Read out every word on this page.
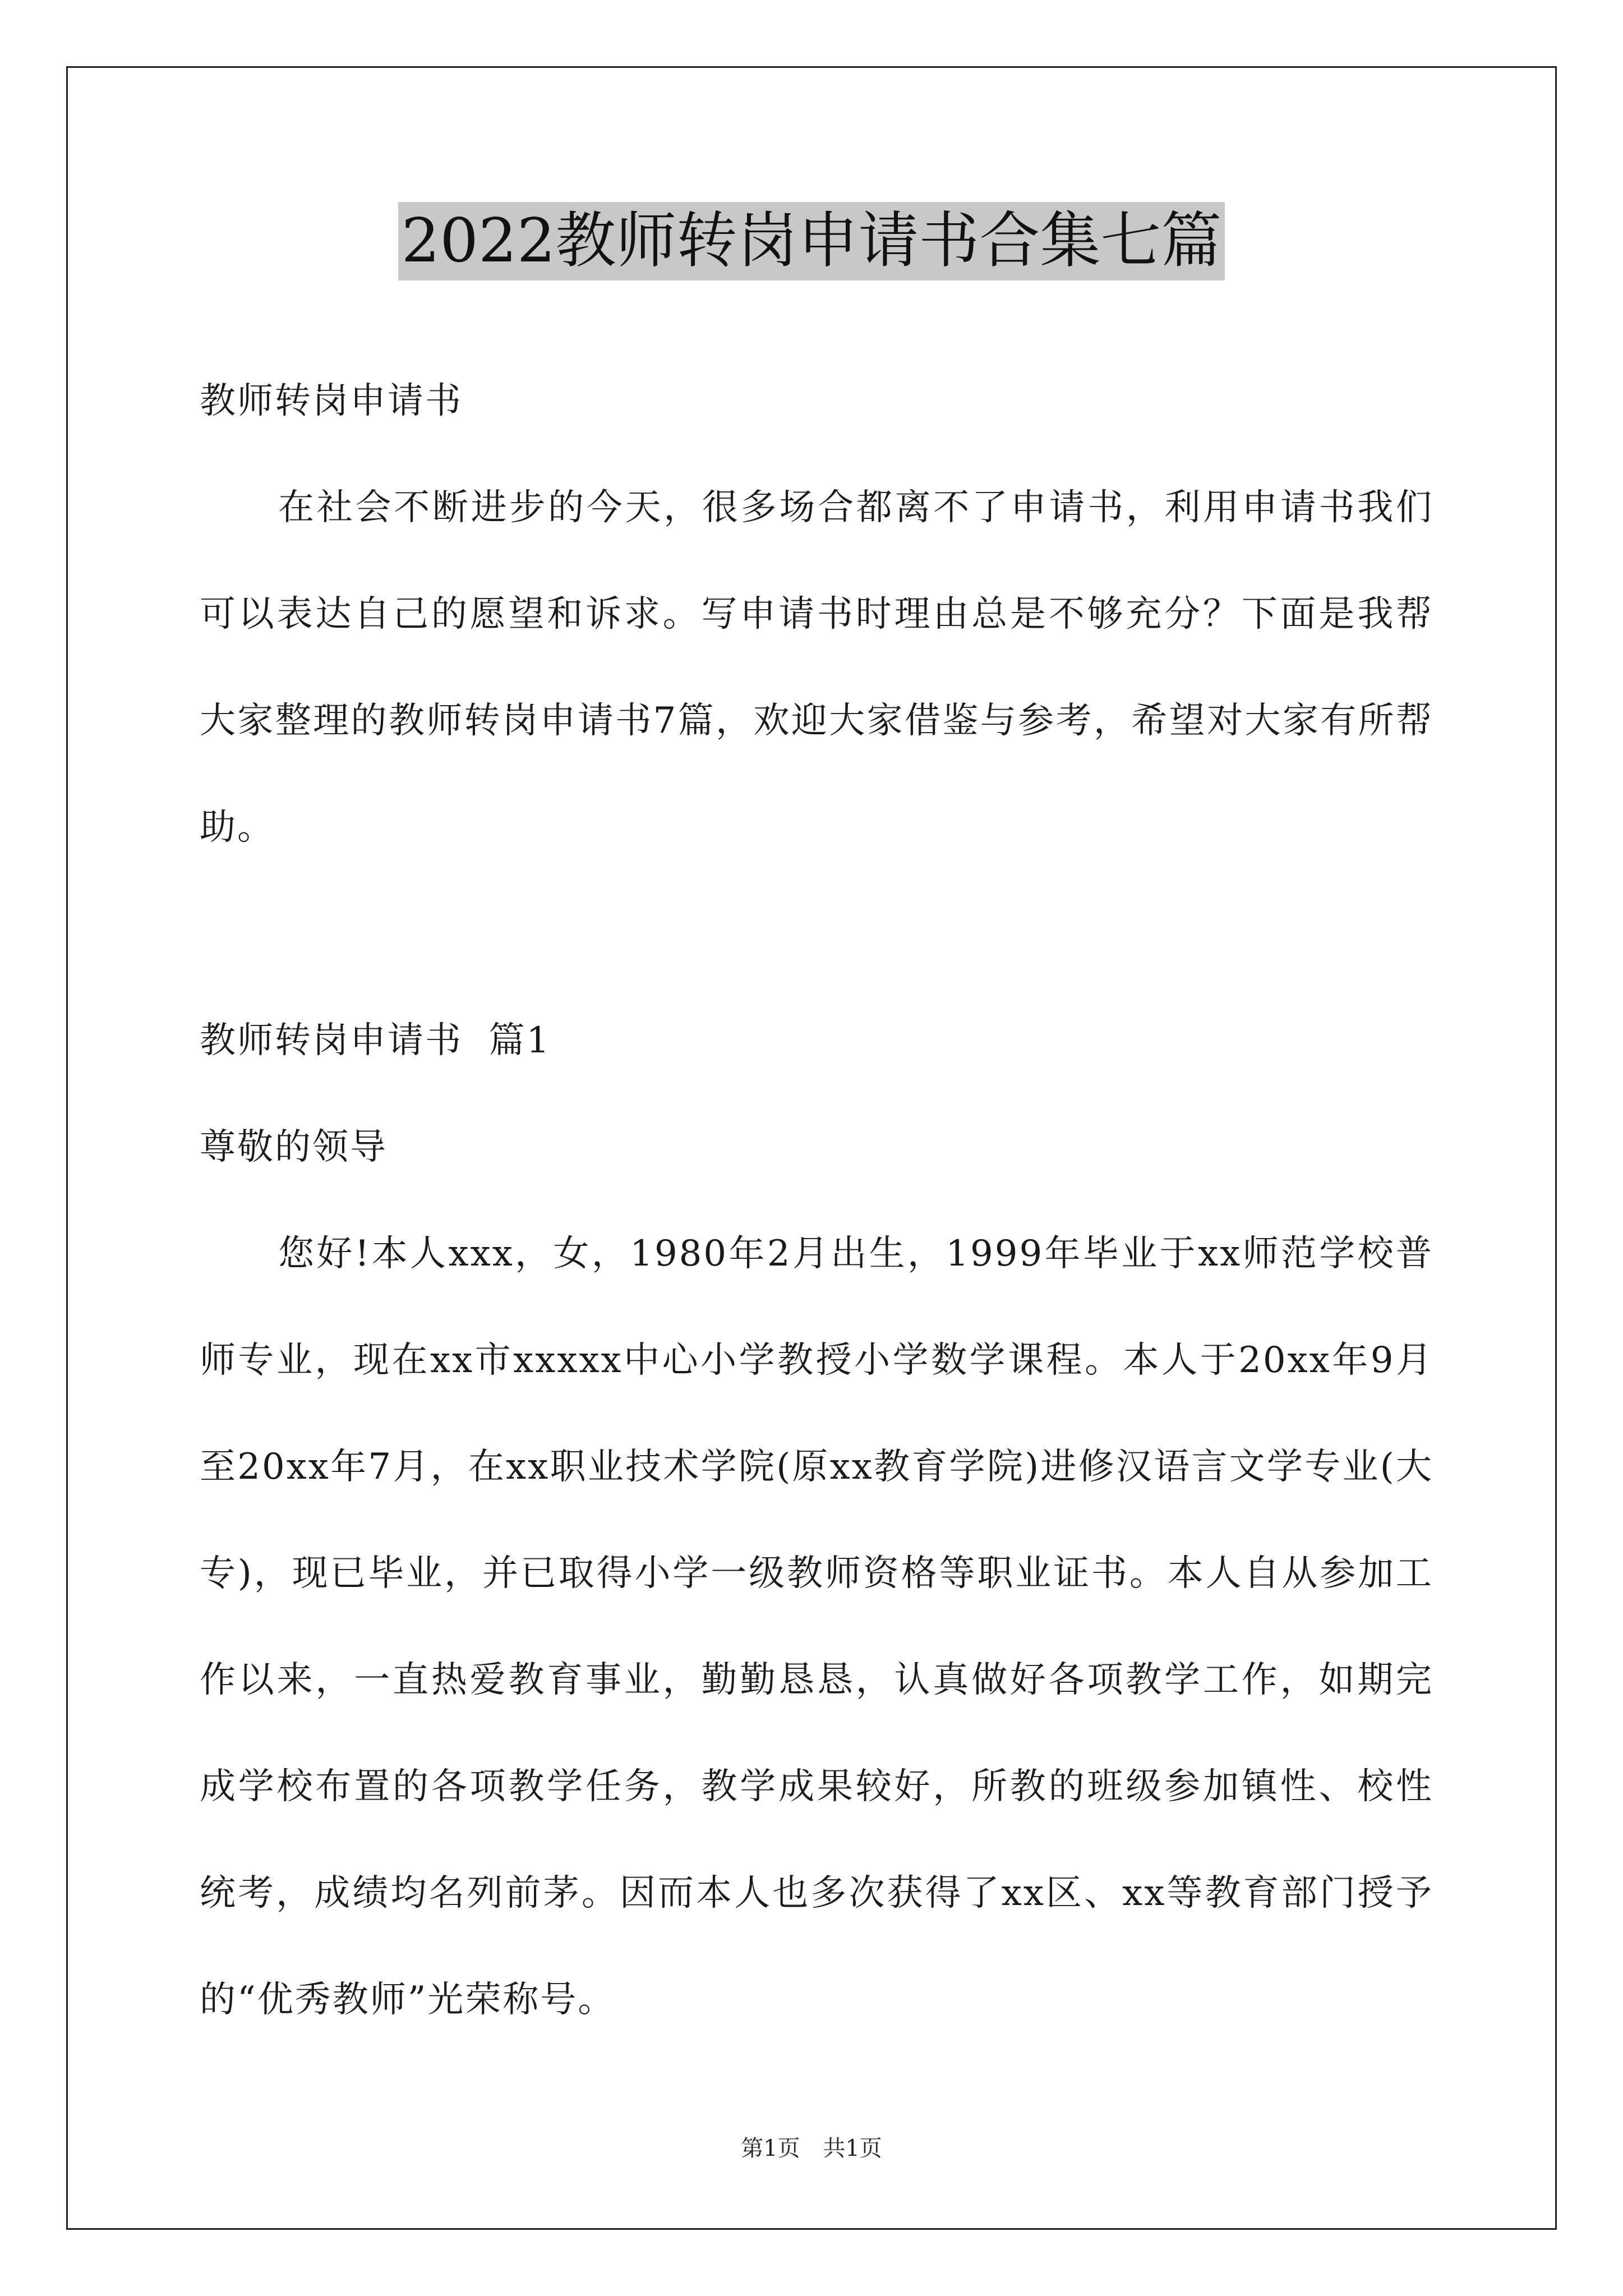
2022教师转岗申请书合集七篇

教师转岗申请书

在社会不断进步的今天，很多场合都离不了申请书，利用申请书我们可以表达自己的愿望和诉求。写申请书时理由总是不够充分？下面是我帮大家整理的教师转岗申请书7篇，欢迎大家借鉴与参考，希望对大家有所帮助。

教师转岗申请书  篇1

尊敬的领导

您好!本人xxx，女，1980年2月出生，1999年毕业于xx师范学校普师专业，现在xx市xxxxx中心小学教授小学数学课程。本人于20xx年9月至20xx年7月，在xx职业技术学院(原xx教育学院)进修汉语言文学专业(大专)，现已毕业，并已取得小学一级教师资格等职业证书。本人自从参加工作以来，一直热爱教育事业，勤勤恳恳，认真做好各项教学工作，如期完成学校布置的各项教学任务，教学成果较好，所教的班级参加镇性、校性统考，成绩均名列前茅。因而本人也多次获得了xx区、xx等教育部门授予的“优秀教师”光荣称号。

第1页 共1页
